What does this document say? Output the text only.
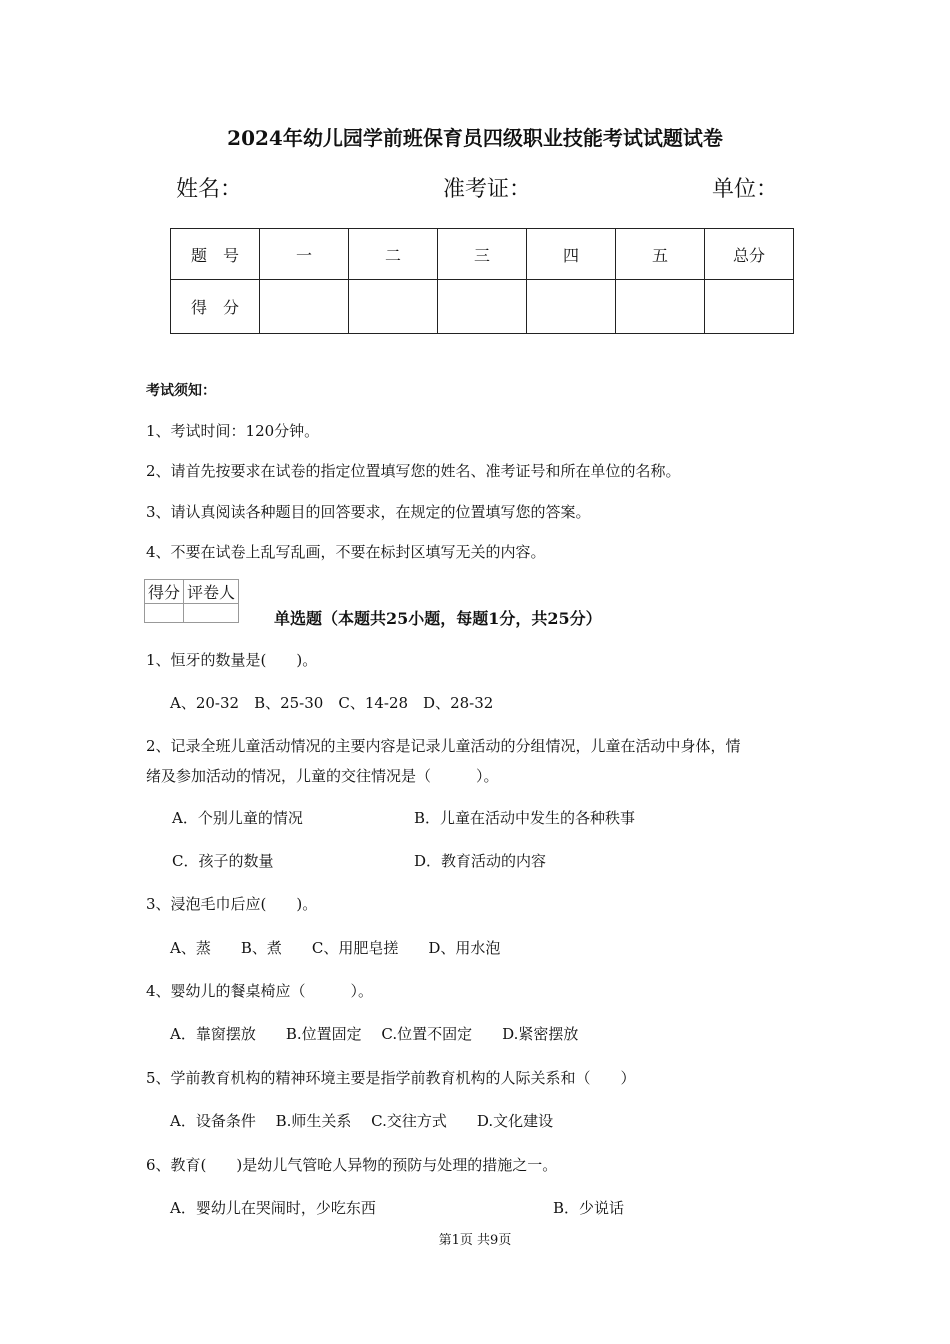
2024年幼儿园学前班保育员四级职业技能考试试题试卷
姓名：	准考证：	单位：
题　号	一	二	三	四	五	总分
得　分						
考试须知：
1、考试时间：120分钟。
2、请首先按要求在试卷的指定位置填写您的姓名、准考证号和所在单位的名称。
3、请认真阅读各种题目的回答要求，在规定的位置填写您的答案。
4、不要在试卷上乱写乱画，不要在标封区填写无关的内容。
得分	评卷人

单选题（本题共25小题，每题1分，共25分）
1、恒牙的数量是(　　)。
A、20-32　B、25-30　C、14-28　D、28-32
2、记录全班儿童活动情况的主要内容是记录儿童活动的分组情况，儿童在活动中身体，情
绪及参加活动的情况，儿童的交往情况是（　　　）。
A．个别儿童的情况	B．儿童在活动中发生的各种秩事
C．孩子的数量	D．教育活动的内容
3、浸泡毛巾后应(　　)。
A、蒸　　B、煮　　C、用肥皂搓　　D、用水泡
4、婴幼儿的餐桌椅应（　　　）。
A．靠窗摆放　　B.位置固定　 C.位置不固定　　D.紧密摆放
5、学前教育机构的精神环境主要是指学前教育机构的人际关系和（　　）
A．设备条件　 B.师生关系　 C.交往方式　　D.文化建设
6、教育(　　)是幼儿气管呛人异物的预防与处理的措施之一。
A．婴幼儿在哭闹时，少吃东西	B．少说话
第1页 共9页
